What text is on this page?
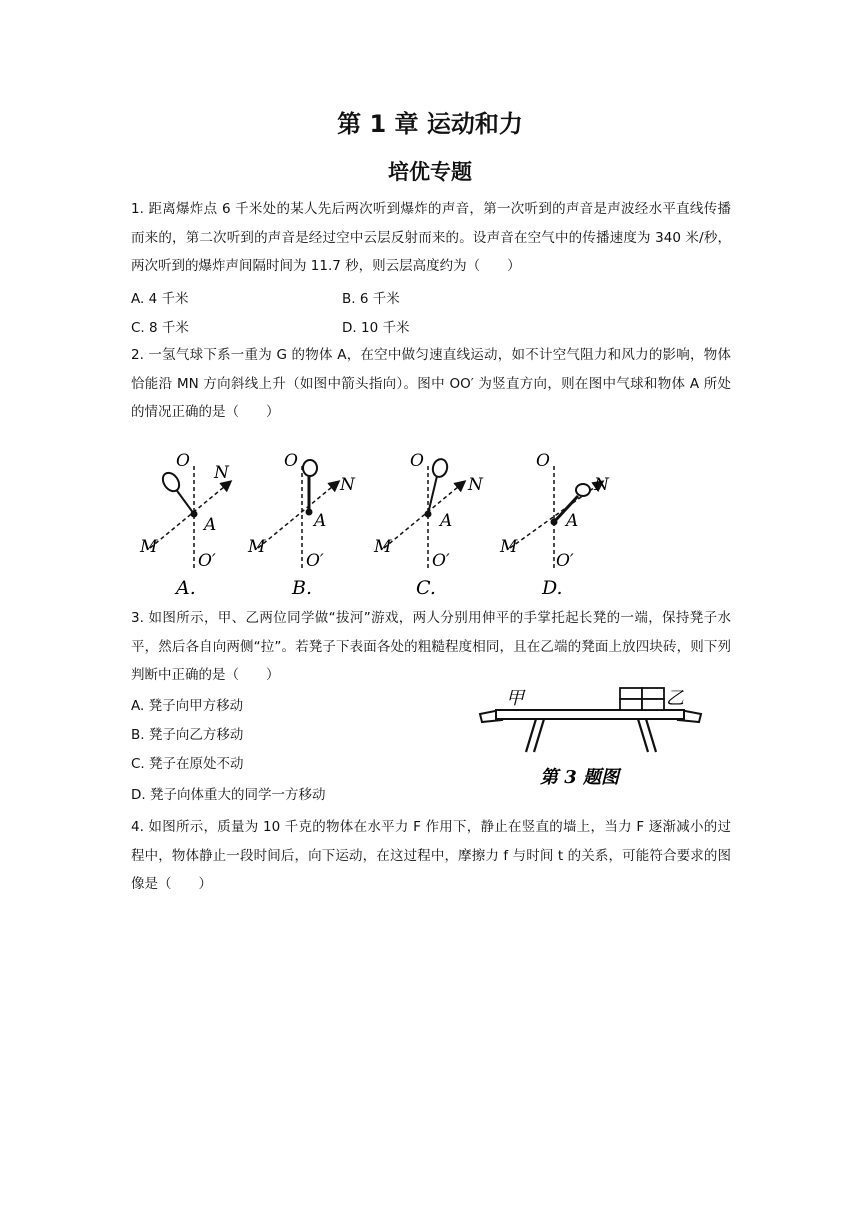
第 1 章 运动和力
培优专题
1. 距离爆炸点 6 千米处的某人先后两次听到爆炸的声音，第一次听到的声音是声波经水平直线传播而来的，第二次听到的声音是经过空中云层反射而来的。设声音在空气中的传播速度为 340 米/秒，两次听到的爆炸声间隔时间为 11.7 秒，则云层高度约为（　　）
A. 4 千米	B. 6 千米
C. 8 千米	D. 10 千米
2. 一氢气球下系一重为 G 的物体 A，在空中做匀速直线运动，如不计空气阻力和风力的影响，物体恰能沿 MN 方向斜线上升（如图中箭头指向）。图中 OO′ 为竖直方向，则在图中气球和物体 A 所处的情况正确的是（　　）
O
N
A
M
O′
A.
O
N
A
M
O′
B.
O
N
A
M
O′
C.
O
N
A
M
O′
D.
3. 如图所示，甲、乙两位同学做“拔河”游戏，两人分别用伸平的手掌托起长凳的一端，保持凳子水平，然后各自向两侧“拉”。若凳子下表面各处的粗糙程度相同，且在乙端的凳面上放四块砖，则下列判断中正确的是（　　）
A. 凳子向甲方移动
B. 凳子向乙方移动
C. 凳子在原处不动
D. 凳子向体重大的同学一方移动
甲	乙
第 3 题图
4. 如图所示，质量为 10 千克的物体在水平力 F 作用下，静止在竖直的墙上，当力 F 逐渐减小的过程中，物体静止一段时间后，向下运动，在这过程中，摩擦力 f 与时间 t 的关系，可能符合要求的图像是（　　）
